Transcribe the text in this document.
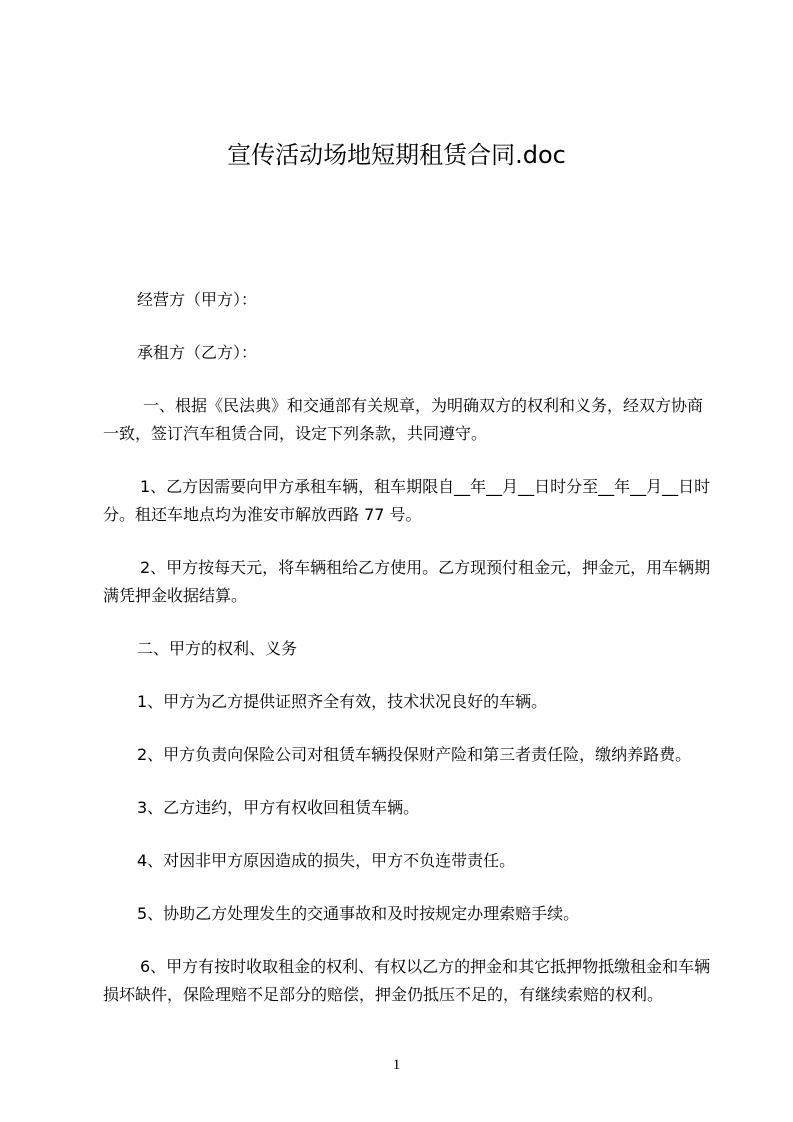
宣传活动场地短期租赁合同.doc
经营方（甲方）：
承租方（乙方）：
一、根据《民法典》和交通部有关规章，为明确双方的权利和义务，经双方协商
一致，签订汽车租赁合同，设定下列条款，共同遵守。
1、乙方因需要向甲方承租车辆，租车期限自__年__月__日时分至__年__月__日时
分。租还车地点均为淮安市解放西路 77 号。
2、甲方按每天元，将车辆租给乙方使用。乙方现预付租金元，押金元，用车辆期
满凭押金收据结算。
二、甲方的权利、义务
1、甲方为乙方提供证照齐全有效，技术状况良好的车辆。
2、甲方负责向保险公司对租赁车辆投保财产险和第三者责任险，缴纳养路费。
3、乙方违约，甲方有权收回租赁车辆。
4、对因非甲方原因造成的损失，甲方不负连带责任。
5、协助乙方处理发生的交通事故和及时按规定办理索赔手续。
6、甲方有按时收取租金的权利、有权以乙方的押金和其它抵押物抵缴租金和车辆
损坏缺件，保险理赔不足部分的赔偿，押金仍抵压不足的，有继续索赔的权利。
1
